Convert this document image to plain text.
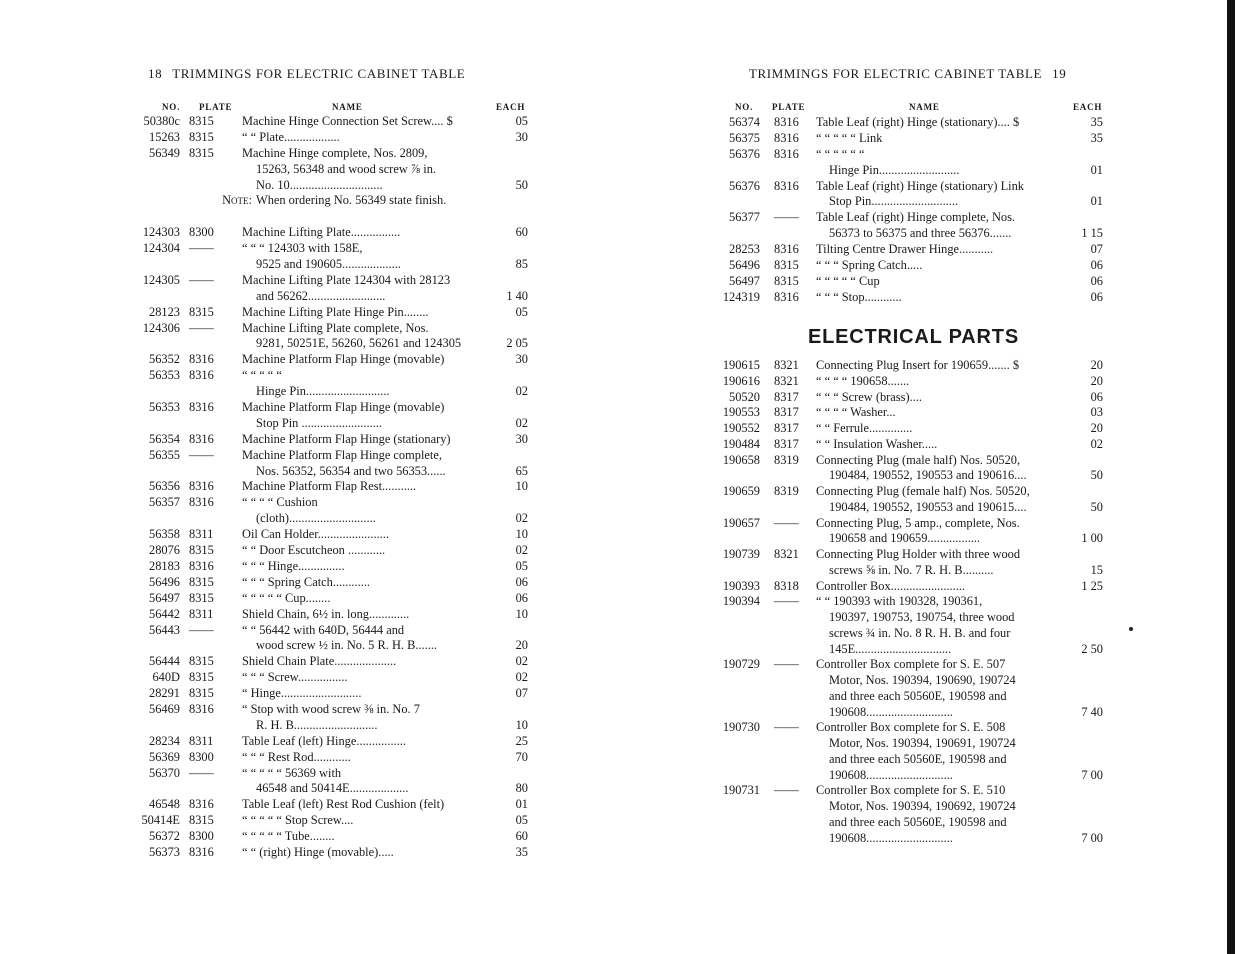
18 TRIMMINGS FOR ELECTRIC CABINET TABLE
NO. PLATE	NAME	EACH
50380c 8315	Machine Hinge Connection Set Screw.... $	05
15263 8315	“ “ Plate..................	30
56349 8315	Machine Hinge complete, Nos. 2809,
15263, 56348 and wood screw ⅞ in.
No. 10..............................	50
Note: When ordering No. 56349 state finish.
124303 8300	Machine Lifting Plate................	60
124304 ——	“ “ “ 124303 with 158E,
9525 and 190605...................	85
124305 ——	Machine Lifting Plate 124304 with 28123
and 56262.........................	1 40
28123 8315	Machine Lifting Plate Hinge Pin........	05
124306 ——	Machine Lifting Plate complete, Nos.
9281, 50251E, 56260, 56261 and 124305	2 05
56352 8316	Machine Platform Flap Hinge (movable)	30
56353 8316	“ “ “ “ “
Hinge Pin...........................	02
56353 8316	Machine Platform Flap Hinge (movable)
Stop Pin ..........................	02
56354 8316	Machine Platform Flap Hinge (stationary)	30
56355 ——	Machine Platform Flap Hinge complete,
Nos. 56352, 56354 and two 56353......	65
56356 8316	Machine Platform Flap Rest...........	10
56357 8316	“ “ “ “ Cushion
(cloth)............................	02
56358 8311	Oil Can Holder.......................	10
28076 8315	“ “ Door Escutcheon ............	02
28183 8316	“ “ “ Hinge...............	05
56496 8315	“ “ “ Spring Catch............	06
56497 8315	“ “ “ “ “ Cup........	06
56442 8311	Shield Chain, 6½ in. long.............	10
56443 ——	“ “ 56442 with 640D, 56444 and
wood screw ½ in. No. 5 R. H. B.......	20
56444 8315	Shield Chain Plate....................	02
640D 8315	“ “ “ Screw................	02
28291 8315	“ Hinge..........................	07
56469 8316	“ Stop with wood screw ⅜ in. No. 7
R. H. B...........................	10
28234 8311	Table Leaf (left) Hinge................	25
56369 8300	“ “ “ Rest Rod............	70
56370 ——	“ “ “ “ “ 56369 with
46548 and 50414E...................	80
46548 8316	Table Leaf (left) Rest Rod Cushion (felt)	01
50414E 8315	“ “ “ “ “ Stop Screw....	05
56372 8300	“ “ “ “ “ Tube........	60
56373 8316	“ “ (right) Hinge (movable).....	35
TRIMMINGS FOR ELECTRIC CABINET TABLE 19
NO. PLATE	NAME	EACH
56374 8316	Table Leaf (right) Hinge (stationary).... $	35
56375 8316	“ “ “ “ “ Link	35
56376 8316	“ “ “ “ “ “
Hinge Pin..........................	01
56376 8316	Table Leaf (right) Hinge (stationary) Link
Stop Pin............................	01
56377 ——	Table Leaf (right) Hinge complete, Nos.
56373 to 56375 and three 56376.......	1 15
28253 8316	Tilting Centre Drawer Hinge...........	07
56496 8315	“ “ “ Spring Catch.....	06
56497 8315	“ “ “ “ “ Cup	06
124319 8316	“ “ “ Stop............	06
ELECTRICAL PARTS
190615 8321	Connecting Plug Insert for 190659....... $	20
190616 8321	“ “ “ “ 190658.......	20
50520 8317	“ “ “ Screw (brass)....	06
190553 8317	“ “ “ “ Washer...	03
190552 8317	“ “ Ferrule..............	20
190484 8317	“ “ Insulation Washer.....	02
190658 8319	Connecting Plug (male half) Nos. 50520,
190484, 190552, 190553 and 190616....	50
190659 8319	Connecting Plug (female half) Nos. 50520,
190484, 190552, 190553 and 190615....	50
190657 ——	Connecting Plug, 5 amp., complete, Nos.
190658 and 190659.................	1 00
190739 8321	Connecting Plug Holder with three wood
screws ⅝ in. No. 7 R. H. B..........	15
190393 8318	Controller Box........................	1 25
190394 ——	“ “ 190393 with 190328, 190361,
190397, 190753, 190754, three wood
screws ¾ in. No. 8 R. H. B. and four
145E...............................	2 50
190729 ——	Controller Box complete for S. E. 507
Motor, Nos. 190394, 190690, 190724
and three each 50560E, 190598 and
190608............................	7 40
190730 ——	Controller Box complete for S. E. 508
Motor, Nos. 190394, 190691, 190724
and three each 50560E, 190598 and
190608............................	7 00
190731 ——	Controller Box complete for S. E. 510
Motor, Nos. 190394, 190692, 190724
and three each 50560E, 190598 and
190608............................	7 00
